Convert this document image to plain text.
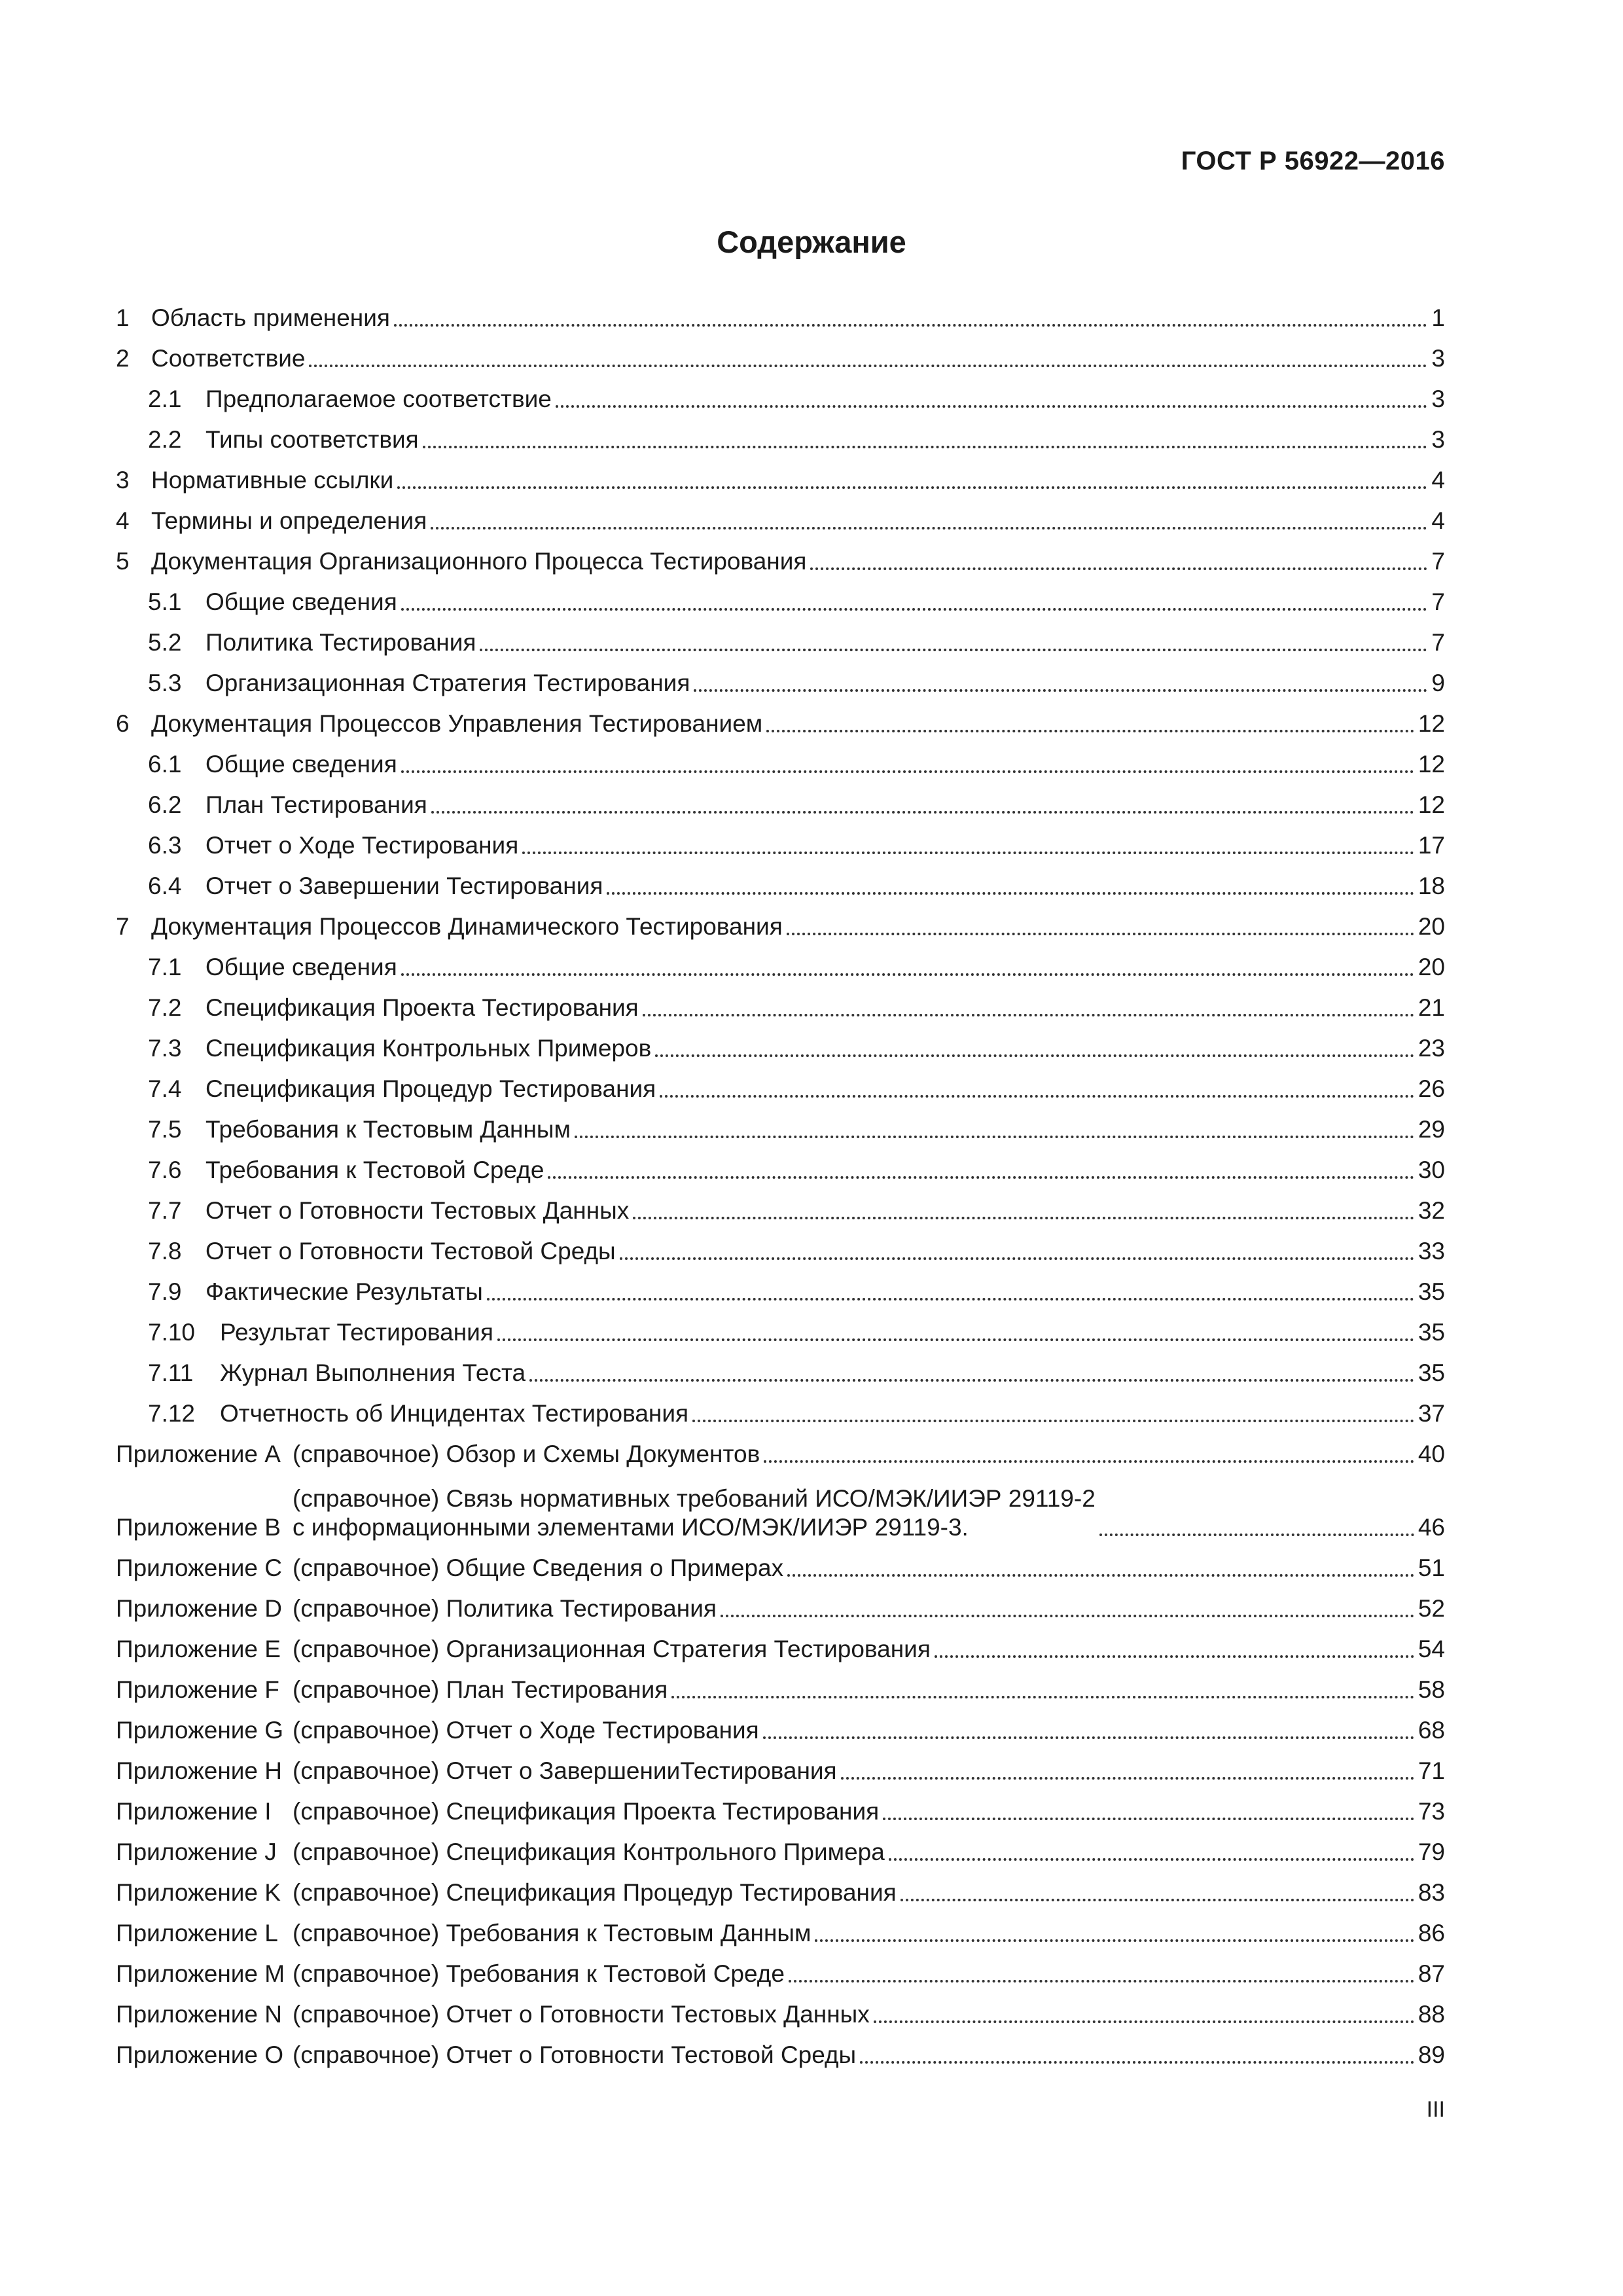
ГОСТ Р 56922—2016
Содержание
1 Область применения	1
2 Соответствие	3
2.1 Предполагаемое соответствие	3
2.2 Типы соответствия	3
3 Нормативные ссылки	4
4 Термины и определения	4
5 Документация Организационного Процесса Тестирования	7
5.1 Общие сведения	7
5.2 Политика Тестирования	7
5.3 Организационная Стратегия Тестирования	9
6 Документация Процессов Управления Тестированием	12
6.1 Общие сведения	12
6.2 План Тестирования	12
6.3 Отчет о Ходе Тестирования	17
6.4 Отчет о Завершении Тестирования	18
7 Документация Процессов Динамического Тестирования	20
7.1 Общие сведения	20
7.2 Спецификация Проекта Тестирования	21
7.3 Спецификация Контрольных Примеров	23
7.4 Спецификация Процедур Тестирования	26
7.5 Требования к Тестовым Данным	29
7.6 Требования к Тестовой Среде	30
7.7 Отчет о Готовности Тестовых Данных	32
7.8 Отчет о Готовности Тестовой Среды	33
7.9 Фактические Результаты	35
7.10	Результат Тестирования	35
7.11	Журнал Выполнения Теста	35
7.12	Отчетность об Инцидентах Тестирования	37
Приложение A (справочное) Обзор и Схемы Документов	40
Приложение B
(справочное) Связь нормативных требований ИСО/МЭК/ИИЭР 29119-2
с информационными элементами ИСО/МЭК/ИИЭР 29119-3.	46
Приложение C (справочное) Общие Сведения о Примерах	51
Приложение D (справочное) Политика Тестирования	52
Приложение E (справочное) Организационная Стратегия Тестирования	54
Приложение F (справочное) План Тестирования	58
Приложение G (справочное) Отчет о Ходе Тестирования	68
Приложение H (справочное) Отчет о ЗавершенииТестирования	71
Приложение I (справочное) Спецификация Проекта Тестирования	73
Приложение J (справочное) Спецификация Контрольного Примера	79
Приложение K (справочное) Спецификация Процедур Тестирования	83
Приложение L (справочное) Требования к Тестовым Данным	86
Приложение M (справочное) Требования к Тестовой Среде	87
Приложение N (справочное) Отчет о Готовности Тестовых Данных	88
Приложение O (справочное) Отчет о Готовности Тестовой Среды	89
III
